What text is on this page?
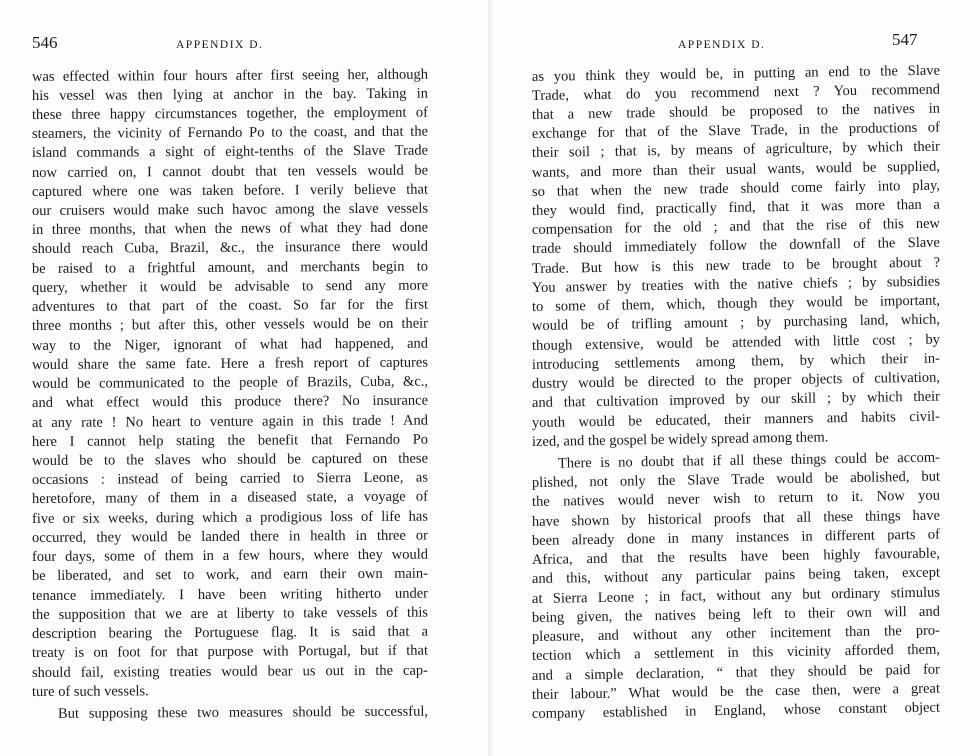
546	APPENDIX D.
was effected within four hours after first seeing her, although
his vessel was then lying at anchor in the bay. Taking in
these three happy circumstances together, the employment of
steamers, the vicinity of Fernando Po to the coast, and that the
island commands a sight of eight-tenths of the Slave Trade
now carried on, I cannot doubt that ten vessels would be
captured where one was taken before. I verily believe that
our cruisers would make such havoc among the slave vessels
in three months, that when the news of what they had done
should reach Cuba, Brazil, &c., the insurance there would
be raised to a frightful amount, and merchants begin to
query, whether it would be advisable to send any more
adventures to that part of the coast. So far for the first
three months ; but after this, other vessels would be on their
way to the Niger, ignorant of what had happened, and
would share the same fate. Here a fresh report of captures
would be communicated to the people of Brazils, Cuba, &c.,
and what effect would this produce there? No insurance
at any rate ! No heart to venture again in this trade ! And
here I cannot help stating the benefit that Fernando Po
would be to the slaves who should be captured on these
occasions : instead of being carried to Sierra Leone, as
heretofore, many of them in a diseased state, a voyage of
five or six weeks, during which a prodigious loss of life has
occurred, they would be landed there in health in three or
four days, some of them in a few hours, where they would
be liberated, and set to work, and earn their own main-
tenance immediately. I have been writing hitherto under
the supposition that we are at liberty to take vessels of this
description bearing the Portuguese flag. It is said that a
treaty is on foot for that purpose with Portugal, but if that
should fail, existing treaties would bear us out in the cap-
ture of such vessels.
But supposing these two measures should be successful,
APPENDIX D.	547
as you think they would be, in putting an end to the Slave
Trade, what do you recommend next ? You recommend
that a new trade should be proposed to the natives in
exchange for that of the Slave Trade, in the productions of
their soil ; that is, by means of agriculture, by which their
wants, and more than their usual wants, would be supplied,
so that when the new trade should come fairly into play,
they would find, practically find, that it was more than a
compensation for the old ; and that the rise of this new
trade should immediately follow the downfall of the Slave
Trade. But how is this new trade to be brought about ?
You answer by treaties with the native chiefs ; by subsidies
to some of them, which, though they would be important,
would be of trifling amount ; by purchasing land, which,
though extensive, would be attended with little cost ; by
introducing settlements among them, by which their in-
dustry would be directed to the proper objects of cultivation,
and that cultivation improved by our skill ; by which their
youth would be educated, their manners and habits civil-
ized, and the gospel be widely spread among them.
There is no doubt that if all these things could be accom-
plished, not only the Slave Trade would be abolished, but
the natives would never wish to return to it. Now you
have shown by historical proofs that all these things have
been already done in many instances in different parts of
Africa, and that the results have been highly favourable,
and this, without any particular pains being taken, except
at Sierra Leone ; in fact, without any but ordinary stimulus
being given, the natives being left to their own will and
pleasure, and without any other incitement than the pro-
tection which a settlement in this vicinity afforded them,
and a simple declaration, “ that they should be paid for
their labour.” What would be the case then, were a great
company established in England, whose constant object
